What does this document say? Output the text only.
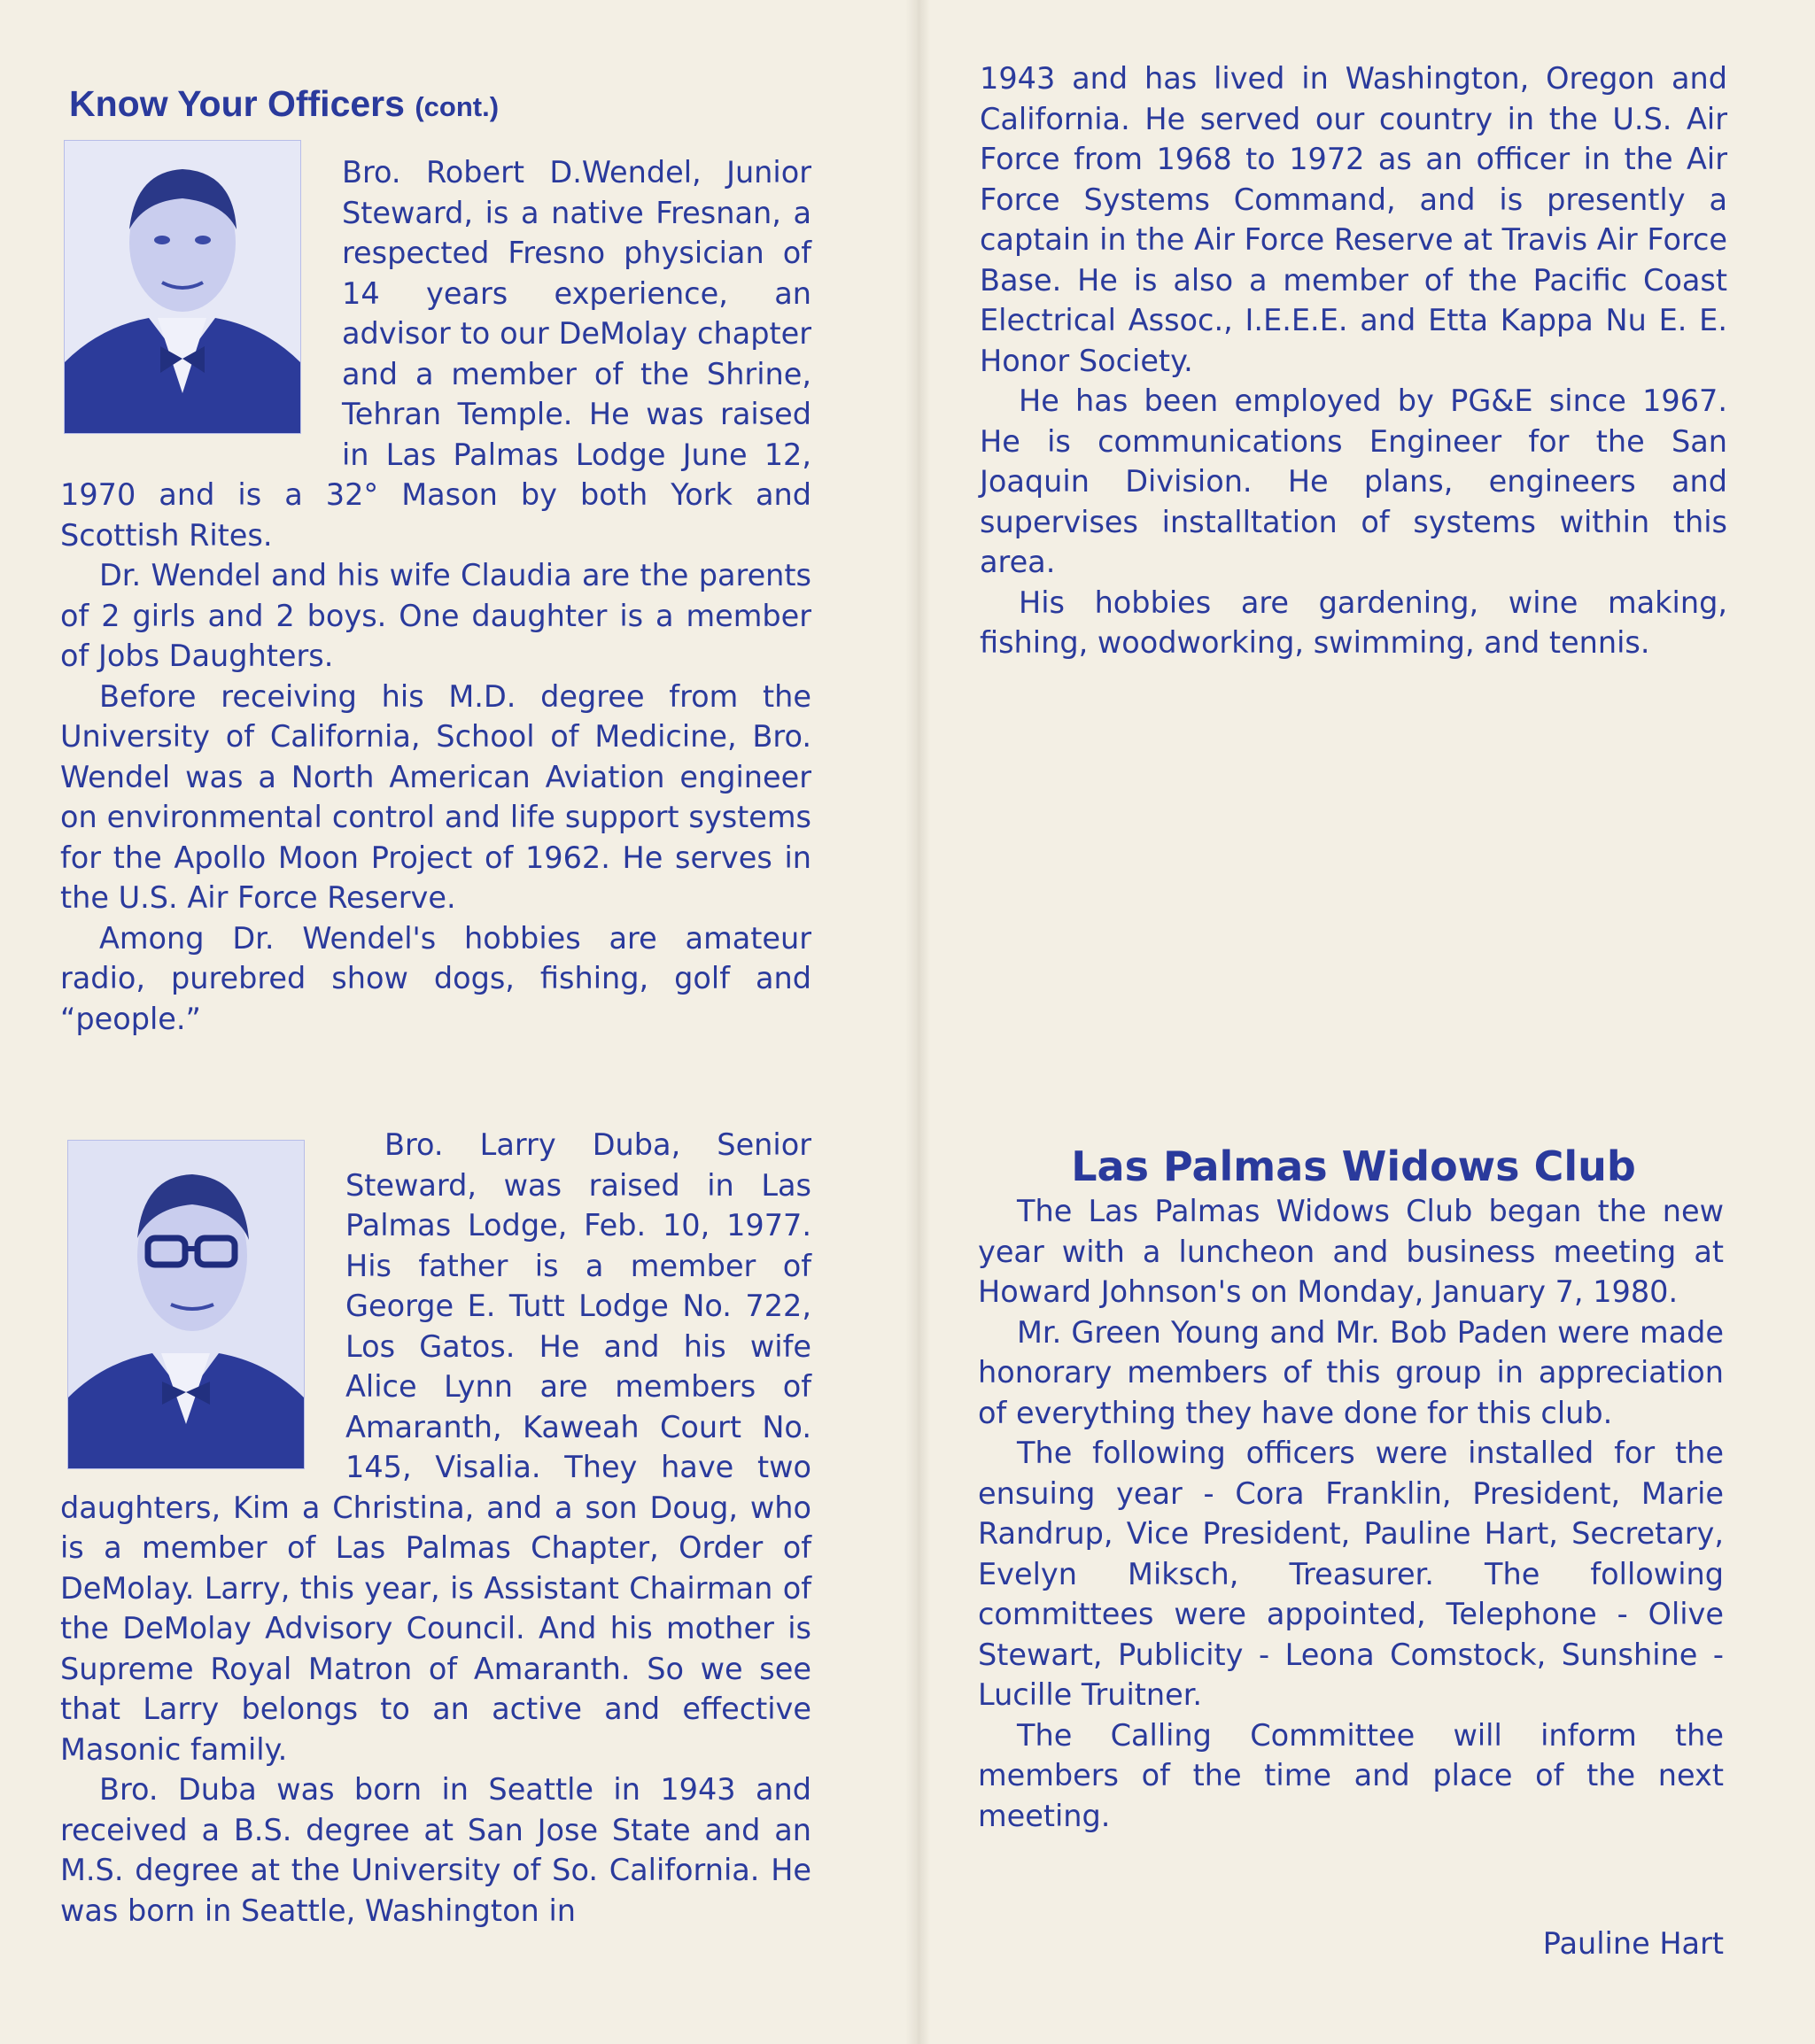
Know Your Officers (cont.)

Bro. Robert D.Wendel, Junior Steward, is a native Fresnan, a respected Fresno physician of 14 years experience, an advisor to our DeMolay chapter and a member of the Shrine, Tehran Temple. He was raised in Las Palmas Lodge June 12, 1970 and is a 32° Mason by both York and Scottish Rites.

Dr. Wendel and his wife Claudia are the parents of 2 girls and 2 boys. One daughter is a member of Jobs Daughters.

Before receiving his M.D. degree from the University of California, School of Medicine, Bro. Wendel was a North American Aviation engineer on environmental control and life support systems for the Apollo Moon Project of 1962. He serves in the U.S. Air Force Reserve.

Among Dr. Wendel's hobbies are amateur radio, purebred show dogs, fishing, golf and “people.”

Bro. Larry Duba, Senior Steward, was raised in Las Palmas Lodge, Feb. 10, 1977. His father is a member of George E. Tutt Lodge No. 722, Los Gatos. He and his wife Alice Lynn are members of Amaranth, Kaweah Court No. 145, Visalia. They have two daughters, Kim a Christina, and a son Doug, who is a member of Las Palmas Chapter, Order of DeMolay. Larry, this year, is Assistant Chairman of the DeMolay Advisory Council. And his mother is Supreme Royal Matron of Amaranth. So we see that Larry belongs to an active and effective Masonic family.

Bro. Duba was born in Seattle in 1943 and received a B.S. degree at San Jose State and an M.S. degree at the University of So. California. He was born in Seattle, Washington in

1943 and has lived in Washington, Oregon and California. He served our country in the U.S. Air Force from 1968 to 1972 as an officer in the Air Force Systems Command, and is presently a captain in the Air Force Reserve at Travis Air Force Base. He is also a member of the Pacific Coast Electrical Assoc., I.E.E.E. and Etta Kappa Nu E. E. Honor Society.

He has been employed by PG&E since 1967. He is communications Engineer for the San Joaquin Division. He plans, engineers and supervises installtation of systems within this area.

His hobbies are gardening, wine making, fishing, woodworking, swimming, and tennis.

Las Palmas Widows Club

The Las Palmas Widows Club began the new year with a luncheon and business meeting at Howard Johnson's on Monday, January 7, 1980.

Mr. Green Young and Mr. Bob Paden were made honorary members of this group in appreciation of everything they have done for this club.

The following officers were installed for the ensuing year - Cora Franklin, President, Marie Randrup, Vice President, Pauline Hart, Secretary, Evelyn Miksch, Treasurer. The following committees were appointed, Telephone - Olive Stewart, Publicity - Leona Comstock, Sunshine - Lucille Truitner.

The Calling Committee will inform the members of the time and place of the next meeting.

Pauline Hart
